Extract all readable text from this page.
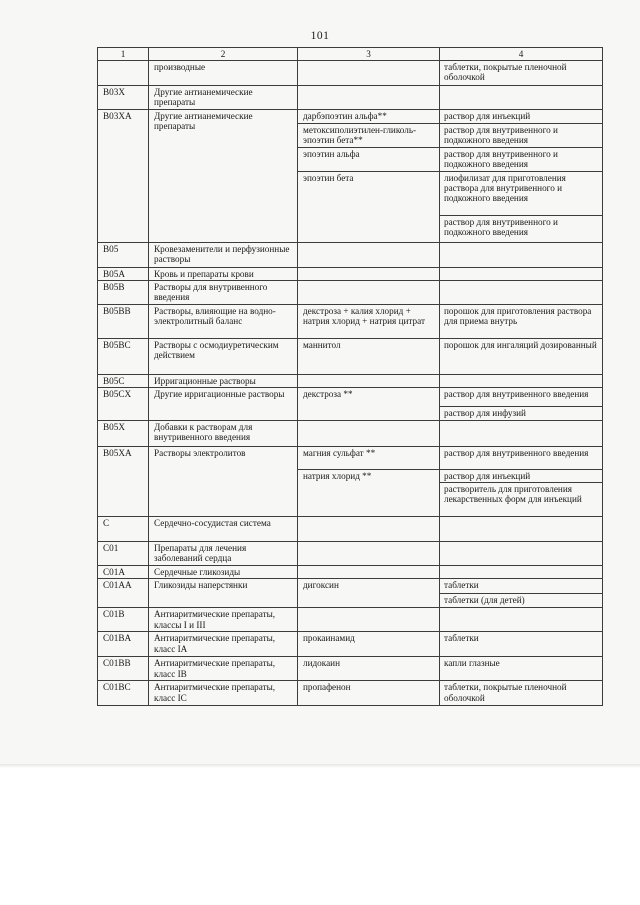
101
1	2	3	4
	производные		таблетки, покрытые пленочной оболочкой
B03X	Другие антианемические препараты		
B03XA	Другие антианемические препараты	дарбэпоэтин альфа**	раствор для инъекций
		метоксиполиэтилен-гликоль-эпоэтин бета**	раствор для внутривенного и подкожного введения
		эпоэтин альфа	раствор для внутривенного и подкожного введения
		эпоэтин бета	лиофилизат для приготовления раствора для внутривенного и подкожного введения
			раствор для внутривенного и подкожного введения
B05	Кровезаменители и перфузионные растворы		
B05A	Кровь и препараты крови		
B05B	Растворы для внутривенного введения		
B05BB	Растворы, влияющие на водно-электролитный баланс	декстроза + калия хлорид + натрия хлорид + натрия цитрат	порошок для приготовления раствора для приема внутрь
B05BC	Растворы с осмодиуретическим действием	маннитол	порошок для ингаляций дозированный
B05C	Ирригационные растворы		
B05CX	Другие ирригационные растворы	декстроза **	раствор для внутривенного введения
			раствор для инфузий
B05X	Добавки к растворам для внутривенного введения		
B05XA	Растворы электролитов	магния сульфат **	раствор для внутривенного введения
		натрия хлорид **	раствор для инъекций
			растворитель для приготовления лекарственных форм для инъекций
C	Сердечно-сосудистая система		
C01	Препараты для лечения заболеваний сердца		
C01A	Сердечные гликозиды		
C01AA	Гликозиды наперстянки	дигоксин	таблетки
			таблетки (для детей)
C01B	Антиаритмические препараты, классы I и III		
C01BA	Антиаритмические препараты, класс IA	прокаинамид	таблетки
C01BB	Антиаритмические препараты, класс IB	лидокаин	капли глазные
C01BC	Антиаритмические препараты, класс IC	пропафенон	таблетки, покрытые пленочной оболочкой
